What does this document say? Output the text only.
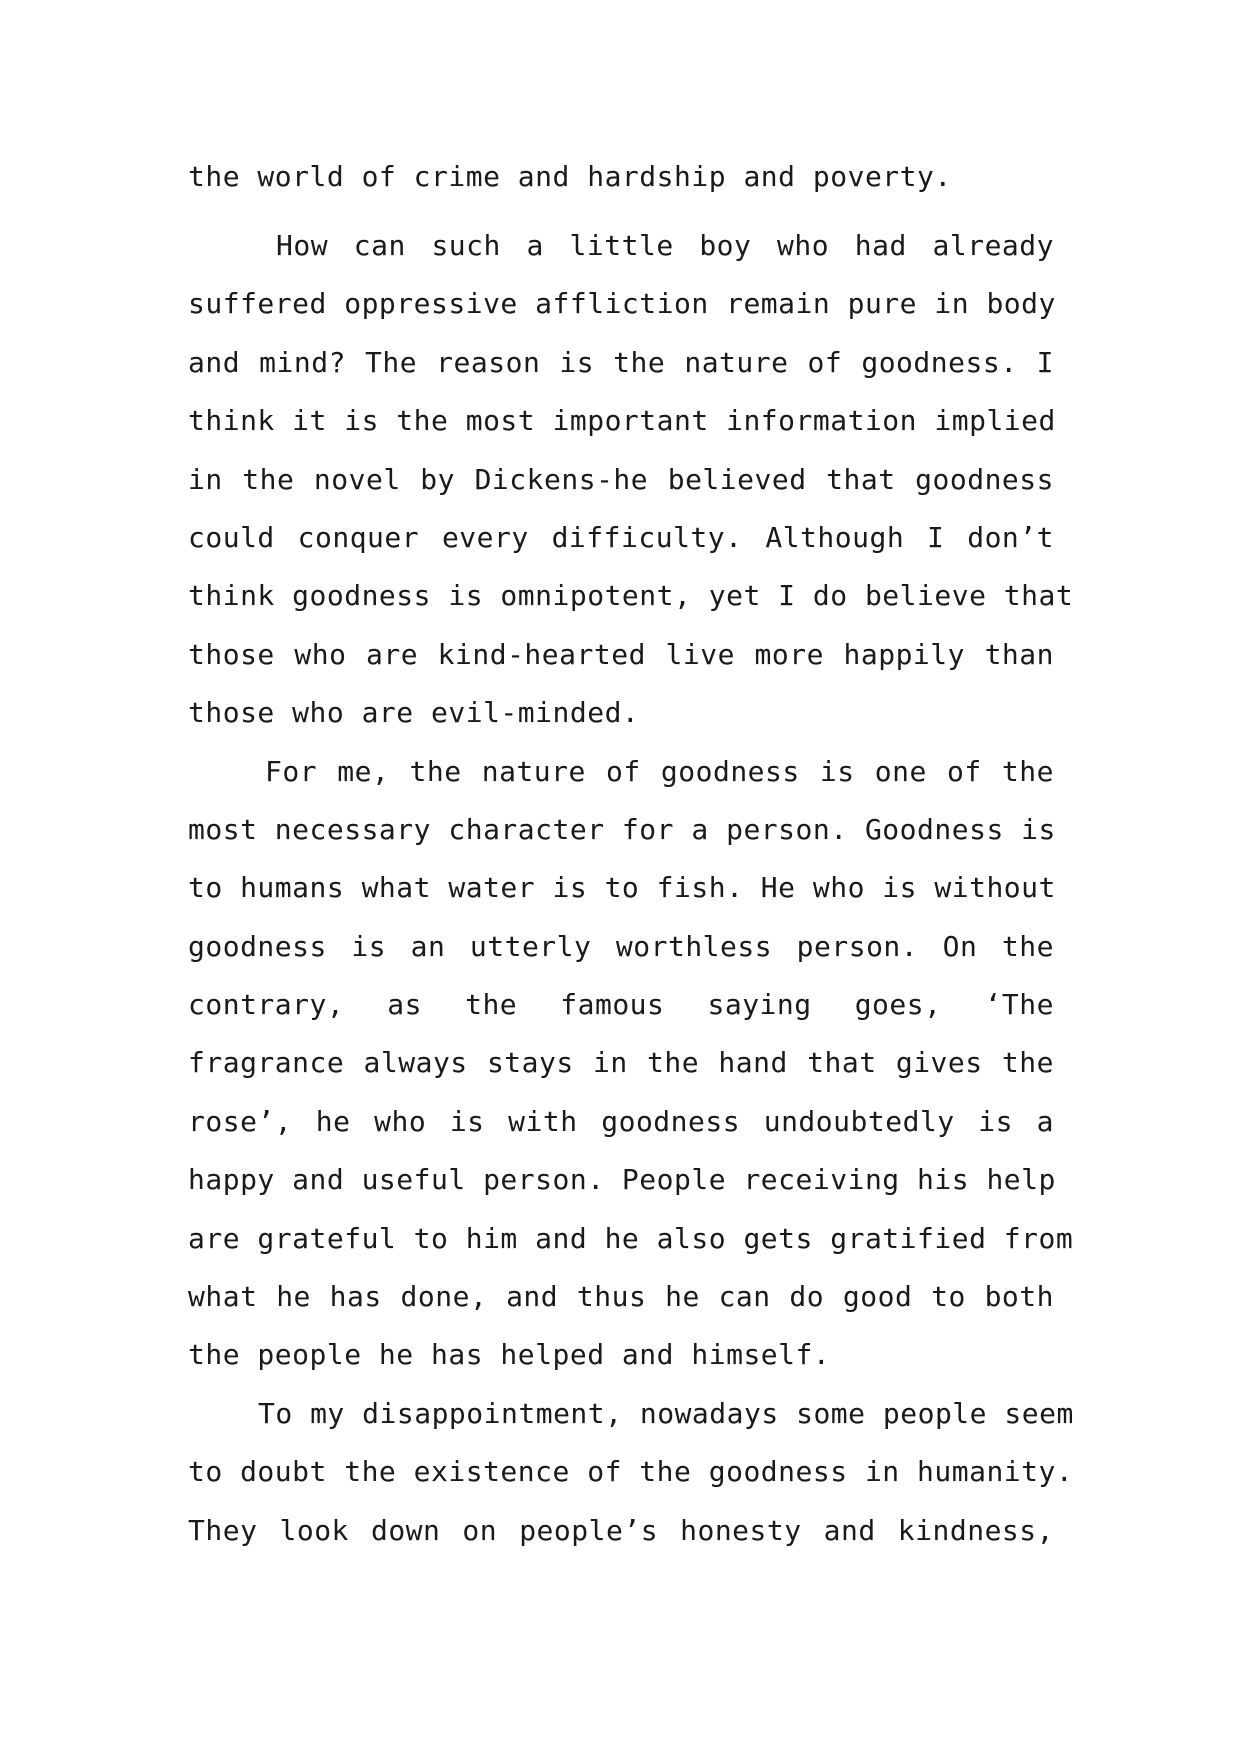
the world of crime and hardship and poverty.
How can such a little boy who had already
suffered oppressive affliction remain pure in body
and mind? The reason is the nature of goodness. I
think it is the most important information implied
in the novel by Dickens-he believed that goodness
could conquer every difficulty. Although I don’t
think goodness is omnipotent, yet I do believe that
those who are kind-hearted live more happily than
those who are evil-minded.
For me, the nature of goodness is one of the
most necessary character for a person. Goodness is
to humans what water is to fish. He who is without
goodness is an utterly worthless person. On the
contrary, as the famous saying goes, ‘The
fragrance always stays in the hand that gives the
rose’, he who is with goodness undoubtedly is a
happy and useful person. People receiving his help
are grateful to him and he also gets gratified from
what he has done, and thus he can do good to both
the people he has helped and himself.
To my disappointment, nowadays some people seem
to doubt the existence of the goodness in humanity.
They look down on people’s honesty and kindness,
